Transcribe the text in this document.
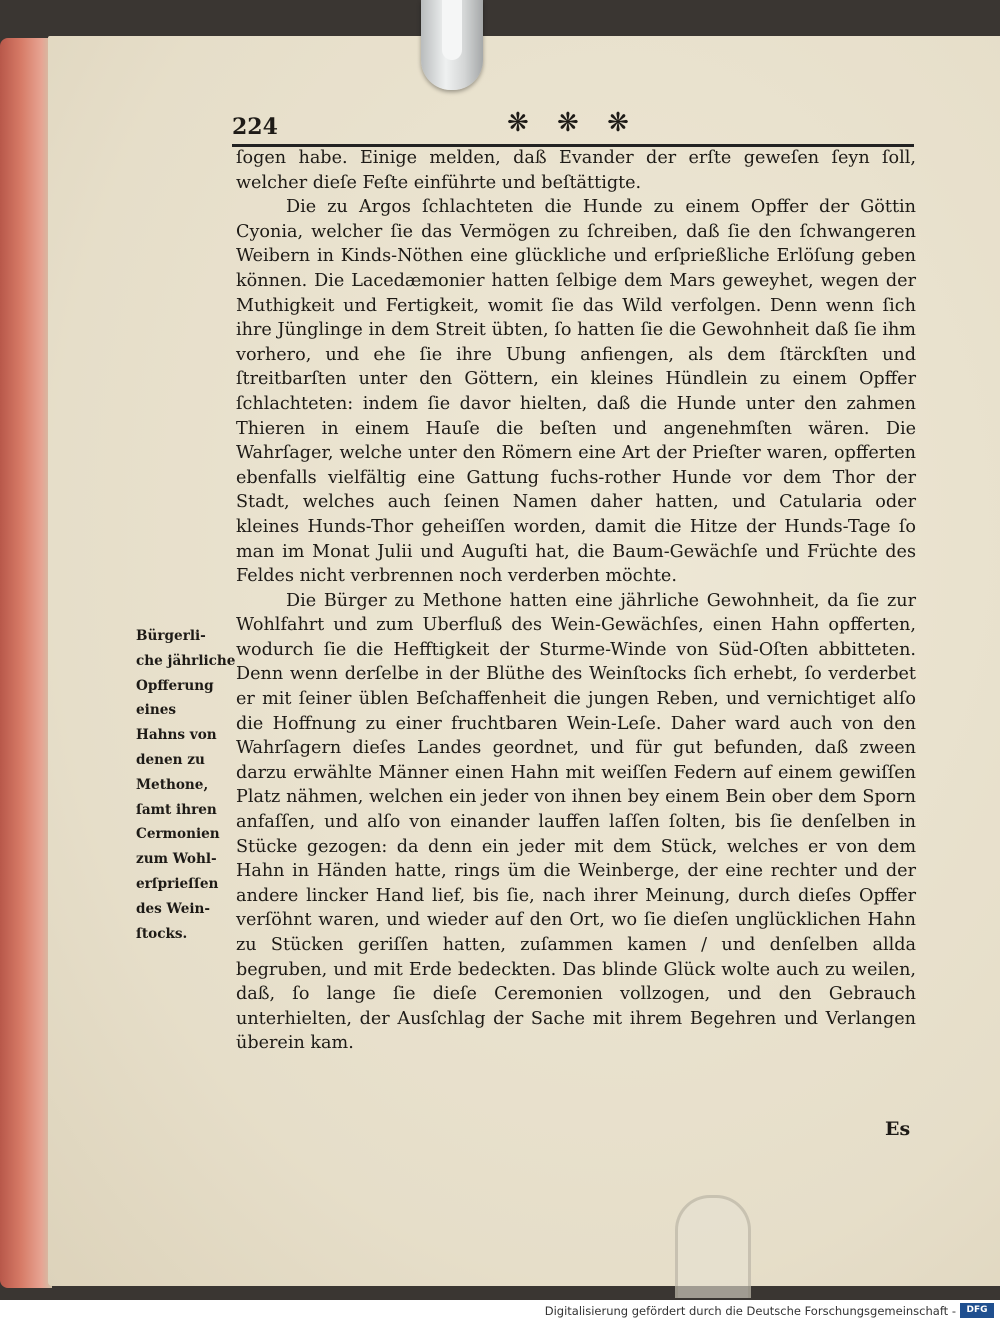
224	❋ ❋ ❋

ſogen habe. Einige melden, daß Evander der erſte geweſen ſeyn ſoll, welcher dieſe Feſte einführte und beſtättigte.

Die zu Argos ſchlachteten die Hunde zu einem Opffer der Göttin Cyonia, welcher ſie das Vermögen zu ſchreiben, daß ſie den ſchwangeren Weibern in Kinds-Nöthen eine glückliche und erſprießliche Erlöſung geben können. Die Lacedæmonier hatten ſelbige dem Mars geweyhet, wegen der Muthigkeit und Fertigkeit, womit ſie das Wild verfolgen. Denn wenn ſich ihre Jünglinge in dem Streit übten, ſo hatten ſie die Gewohnheit daß ſie ihm vorhero, und ehe ſie ihre Ubung anfiengen, als dem ſtärckſten und ſtreitbarſten unter den Göttern, ein kleines Hündlein zu einem Opffer ſchlachteten: indem ſie davor hielten, daß die Hunde unter den zahmen Thieren in einem Hauſe die beſten und angenehmſten wären. Die Wahrſager, welche unter den Römern eine Art der Prieſter waren, opfferten ebenfalls vielfältig eine Gattung fuchs-rother Hunde vor dem Thor der Stadt, welches auch ſeinen Namen daher hatten, und Catularia oder kleines Hunds-Thor geheiſſen worden, damit die Hitze der Hunds-Tage ſo man im Monat Julii und Auguſti hat, die Baum-Gewächſe und Früchte des Feldes nicht verbrennen noch verderben möchte.

Die Bürger zu Methone hatten eine jährliche Gewohnheit, da ſie zur Wohlfahrt und zum Uberfluß des Wein-Gewächſes, einen Hahn opfferten, wodurch ſie die Hefftigkeit der Sturme-Winde von Süd-Oſten abbitteten. Denn wenn derſelbe in der Blüthe des Weinſtocks ſich erhebt, ſo verderbet er mit ſeiner üblen Beſchaffenheit die jungen Reben, und vernichtiget alſo die Hoffnung zu einer fruchtbaren Wein-Leſe. Daher ward auch von den Wahrſagern dieſes Landes geordnet, und für gut befunden, daß zween darzu erwählte Männer einen Hahn mit weiſſen Federn auf einem gewiſſen Platz nähmen, welchen ein jeder von ihnen bey einem Bein ober dem Sporn anfaſſen, und alſo von einander lauffen laſſen ſolten, bis ſie denſelben in Stücke gezogen: da denn ein jeder mit dem Stück, welches er von dem Hahn in Händen hatte, rings üm die Weinberge, der eine rechter und der andere lincker Hand lief, bis ſie, nach ihrer Meinung, durch dieſes Opffer verſöhnt waren, und wieder auf den Ort, wo ſie dieſen unglücklichen Hahn zu Stücken geriſſen hatten, zuſammen kamen / und denſelben allda begruben, und mit Erde bedeckten. Das blinde Glück wolte auch zu weilen, daß, ſo lange ſie dieſe Ceremonien vollzogen, und den Gebrauch unterhielten, der Ausſchlag der Sache mit ihrem Begehren und Verlangen überein kam.

Bürgerli-
che jährliche
Opfferung
eines
Hahns von
denen zu
Methone,
ſamt ihren
Cermonien
zum Wohl-
erſprieſſen
des Wein-
ſtocks.
Es
Digitalisierung gefördert durch die Deutsche Forschungsgemeinschaft -	DFG
